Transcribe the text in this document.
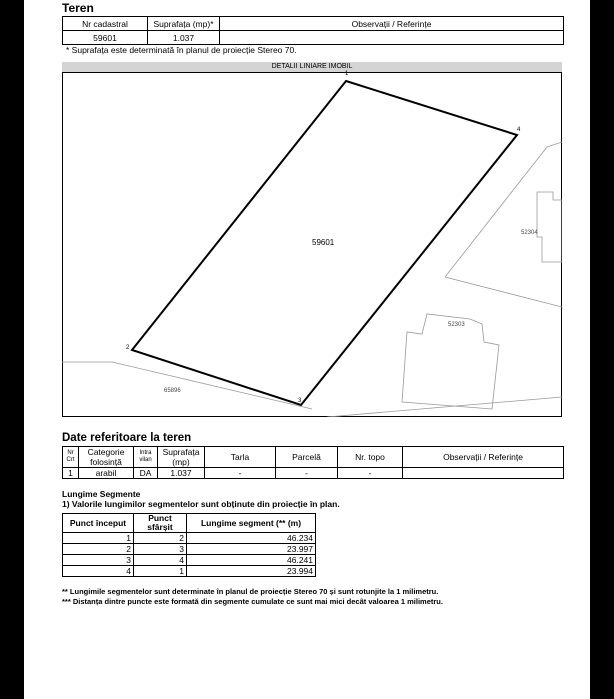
Teren
Nr cadastral	Suprafața (mp)*	Observații / Referințe
59601	1.037	
* Suprafața este determinată în planul de proiecție Stereo 70.
DETALII LINIARE IMOBIL
59601
52304
52303
65896
1
2
3
4
Date referitoare la teren
Nr Crt	Categorie folosință	Intra vilan	Suprafața (mp)	Tarla	Parcelă	Nr. topo	Observații / Referințe
1	arabil	DA	1.037	-	-	-	
Lungime Segmente
1) Valorile lungimilor segmentelor sunt obținute din proiecție în plan.
Punct început	Punct sfârșit	Lungime segment (** (m)
1	2	46.234
2	3	23.997
3	4	46.241
4	1	23.994
** Lungimile segmentelor sunt determinate în planul de proiecție Stereo 70 și sunt rotunjite la 1 milimetru.
*** Distanța dintre puncte este formată din segmente cumulate ce sunt mai mici decât valoarea 1 milimetru.
